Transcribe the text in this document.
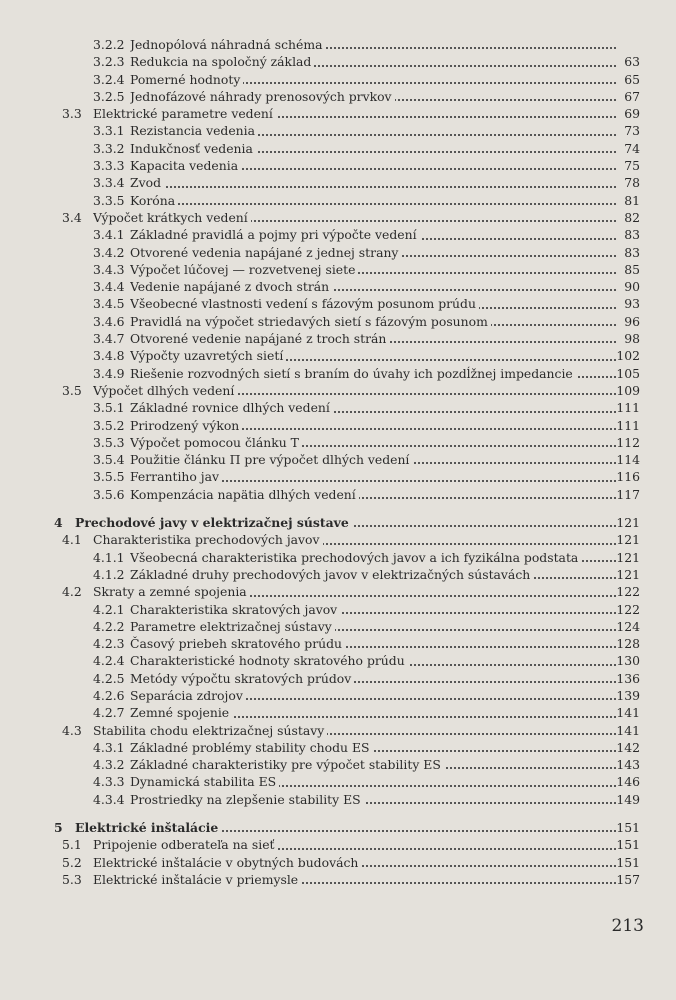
3.2.2 Jednopólová náhradná schéma
3.2.3 Redukcia na spoločný základ	63
3.2.4 Pomerné hodnoty	65
3.2.5 Jednofázové náhrady prenosových prvkov	67
3.3 Elektrické parametre vedení	69
3.3.1 Rezistancia vedenia	73
3.3.2 Indukčnosť vedenia	74
3.3.3 Kapacita vedenia	75
3.3.4 Zvod	78
3.3.5 Koróna	81
3.4 Výpočet krátkych vedení	82
3.4.1 Základné pravidlá a pojmy pri výpočte vedení	83
3.4.2 Otvorené vedenia napájané z jednej strany	83
3.4.3 Výpočet lúčovej — rozvetvenej siete	85
3.4.4 Vedenie napájané z dvoch strán	90
3.4.5 Všeobecné vlastnosti vedení s fázovým posunom prúdu	93
3.4.6 Pravidlá na výpočet striedavých sietí s fázovým posunom	96
3.4.7 Otvorené vedenie napájané z troch strán	98
3.4.8 Výpočty uzavretých sietí	102
3.4.9 Riešenie rozvodných sietí s braním do úvahy ich pozdĺžnej impedancie	105
3.5 Výpočet dlhých vedení	109
3.5.1 Základné rovnice dlhých vedení	111
3.5.2 Prirodzený výkon	111
3.5.3 Výpočet pomocou článku T	112
3.5.4 Použitie článku Π pre výpočet dlhých vedení	114
3.5.5 Ferrantiho jav	116
3.5.6 Kompenzácia napätia dlhých vedení	117
4 Prechodové javy v elektrizačnej sústave	121
4.1 Charakteristika prechodových javov	121
4.1.1 Všeobecná charakteristika prechodových javov a ich fyzikálna podstata	121
4.1.2 Základné druhy prechodových javov v elektrizačných sústavách	121
4.2 Skraty a zemné spojenia	122
4.2.1 Charakteristika skratových javov	122
4.2.2 Parametre elektrizačnej sústavy	124
4.2.3 Časový priebeh skratového prúdu	128
4.2.4 Charakteristické hodnoty skratového prúdu	130
4.2.5 Metódy výpočtu skratových prúdov	136
4.2.6 Separácia zdrojov	139
4.2.7 Zemné spojenie	141
4.3 Stabilita chodu elektrizačnej sústavy	141
4.3.1 Základné problémy stability chodu ES	142
4.3.2 Základné charakteristiky pre výpočet stability ES	143
4.3.3 Dynamická stabilita ES	146
4.3.4 Prostriedky na zlepšenie stability ES	149
5 Elektrické inštalácie	151
5.1 Pripojenie odberateľa na sieť	151
5.2 Elektrické inštalácie v obytných budovách	151
5.3 Elektrické inštalácie v priemysle	157
213
